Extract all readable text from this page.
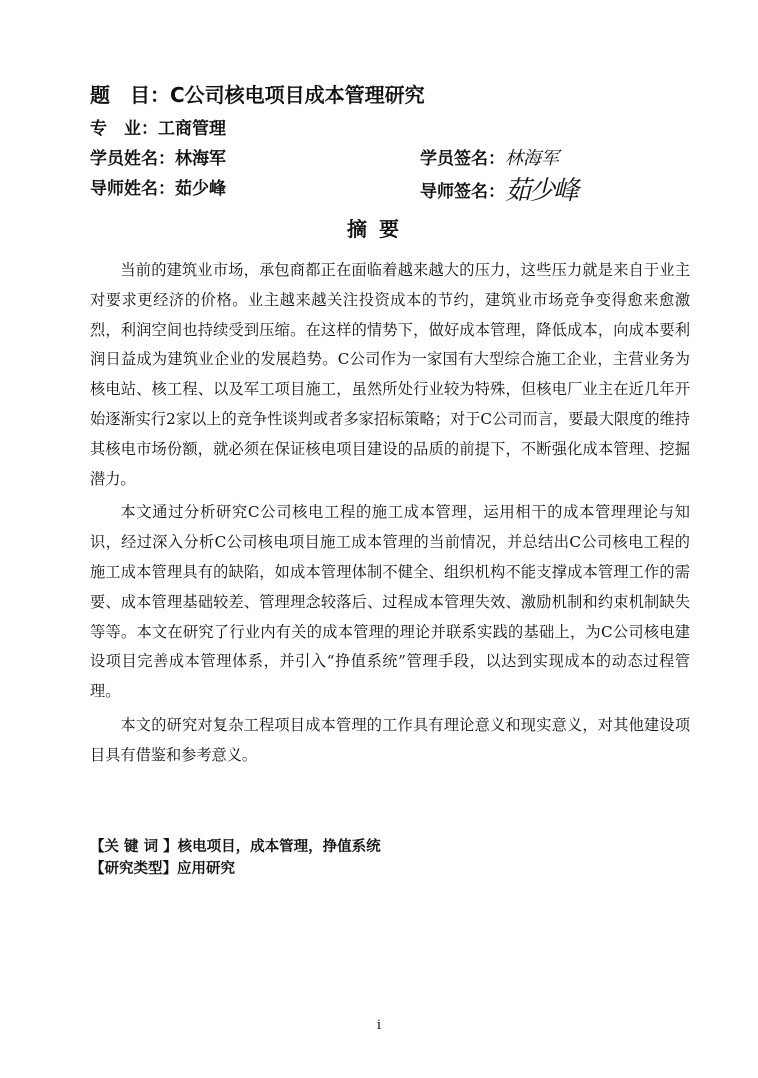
题　目：C公司核电项目成本管理研究
专　业：工商管理
学员姓名：林海军	学员签名：林海军
导师姓名：茹少峰	导师签名：茹少峰
摘要

当前的建筑业市场，承包商都正在面临着越来越大的压力，这些压力就是来自于业主对要求更经济的价格。业主越来越关注投资成本的节约，建筑业市场竞争变得愈来愈激烈，利润空间也持续受到压缩。在这样的情势下，做好成本管理，降低成本，向成本要利润日益成为建筑业企业的发展趋势。C公司作为一家国有大型综合施工企业，主营业务为核电站、核工程、以及军工项目施工，虽然所处行业较为特殊，但核电厂业主在近几年开始逐渐实行2家以上的竞争性谈判或者多家招标策略；对于C公司而言，要最大限度的维持其核电市场份额，就必须在保证核电项目建设的品质的前提下，不断强化成本管理、挖掘潜力。

本文通过分析研究C公司核电工程的施工成本管理，运用相干的成本管理理论与知识，经过深入分析C公司核电项目施工成本管理的当前情况，并总结出C公司核电工程的施工成本管理具有的缺陷，如成本管理体制不健全、组织机构不能支撑成本管理工作的需要、成本管理基础较差、管理理念较落后、过程成本管理失效、激励机制和约束机制缺失等等。本文在研究了行业内有关的成本管理的理论并联系实践的基础上，为C公司核电建设项目完善成本管理体系，并引入“挣值系统”管理手段，以达到实现成本的动态过程管理。

本文的研究对复杂工程项目成本管理的工作具有理论意义和现实意义，对其他建设项目具有借鉴和参考意义。

【关 键 词 】核电项目，成本管理，挣值系统
【研究类型】应用研究
i
